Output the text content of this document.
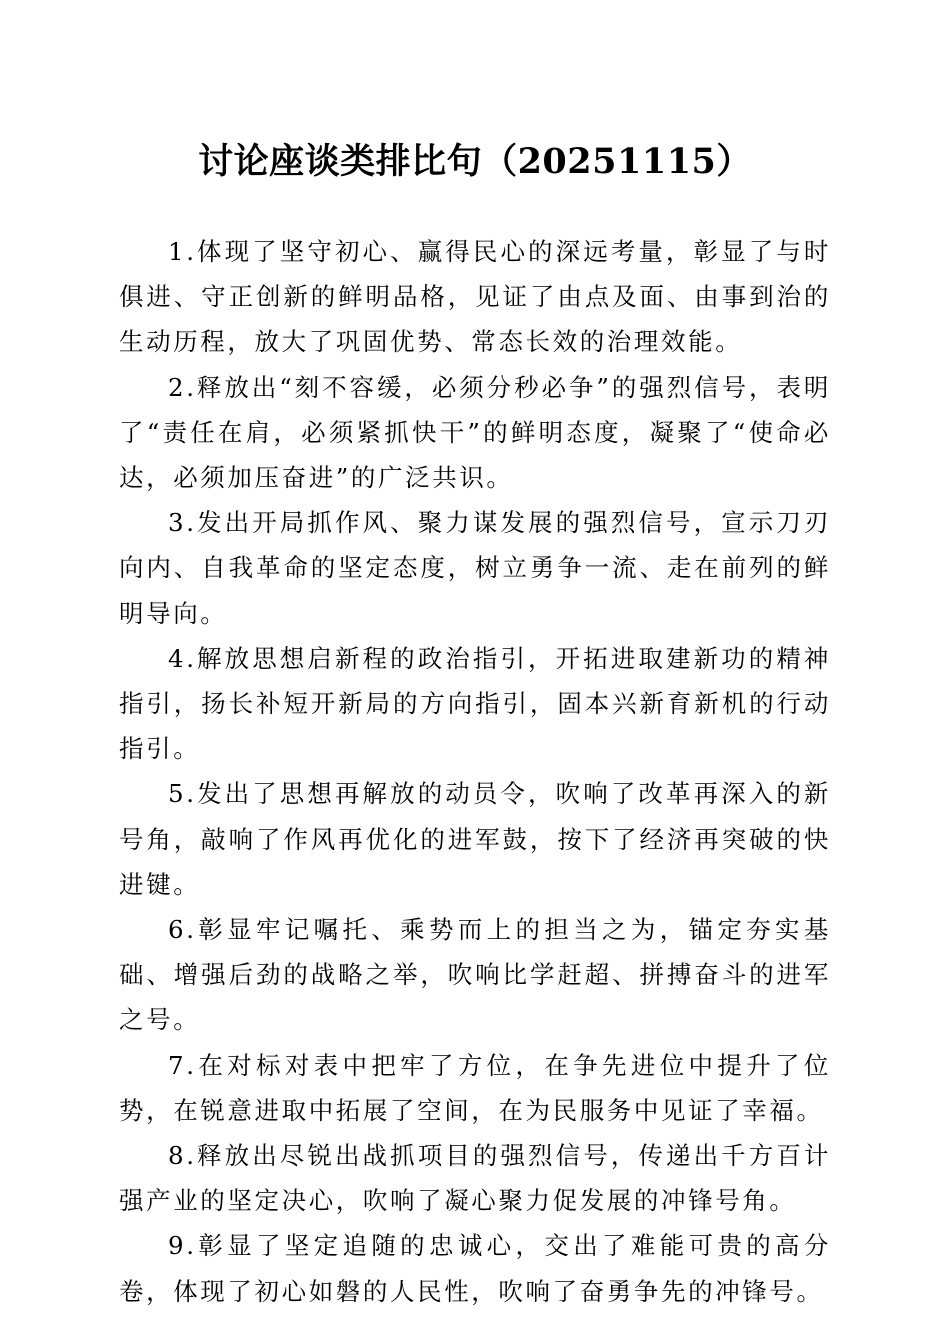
讨论座谈类排比句（20251115）

1.体现了坚守初心、赢得民心的深远考量，彰显了与时俱进、守正创新的鲜明品格，见证了由点及面、由事到治的生动历程，放大了巩固优势、常态长效的治理效能。

2.释放出“刻不容缓，必须分秒必争”的强烈信号，表明了“责任在肩，必须紧抓快干”的鲜明态度，凝聚了“使命必达，必须加压奋进”的广泛共识。

3.发出开局抓作风、聚力谋发展的强烈信号，宣示刀刃向内、自我革命的坚定态度，树立勇争一流、走在前列的鲜明导向。

4.解放思想启新程的政治指引，开拓进取建新功的精神指引，扬长补短开新局的方向指引，固本兴新育新机的行动指引。

5.发出了思想再解放的动员令，吹响了改革再深入的新号角，敲响了作风再优化的进军鼓，按下了经济再突破的快进键。

6.彰显牢记嘱托、乘势而上的担当之为，锚定夯实基础、增强后劲的战略之举，吹响比学赶超、拼搏奋斗的进军之号。

7.在对标对表中把牢了方位，在争先进位中提升了位势，在锐意进取中拓展了空间，在为民服务中见证了幸福。

8.释放出尽锐出战抓项目的强烈信号，传递出千方百计强产业的坚定决心，吹响了凝心聚力促发展的冲锋号角。

9.彰显了坚定追随的忠诚心，交出了难能可贵的高分卷，体现了初心如磐的人民性，吹响了奋勇争先的冲锋号。
